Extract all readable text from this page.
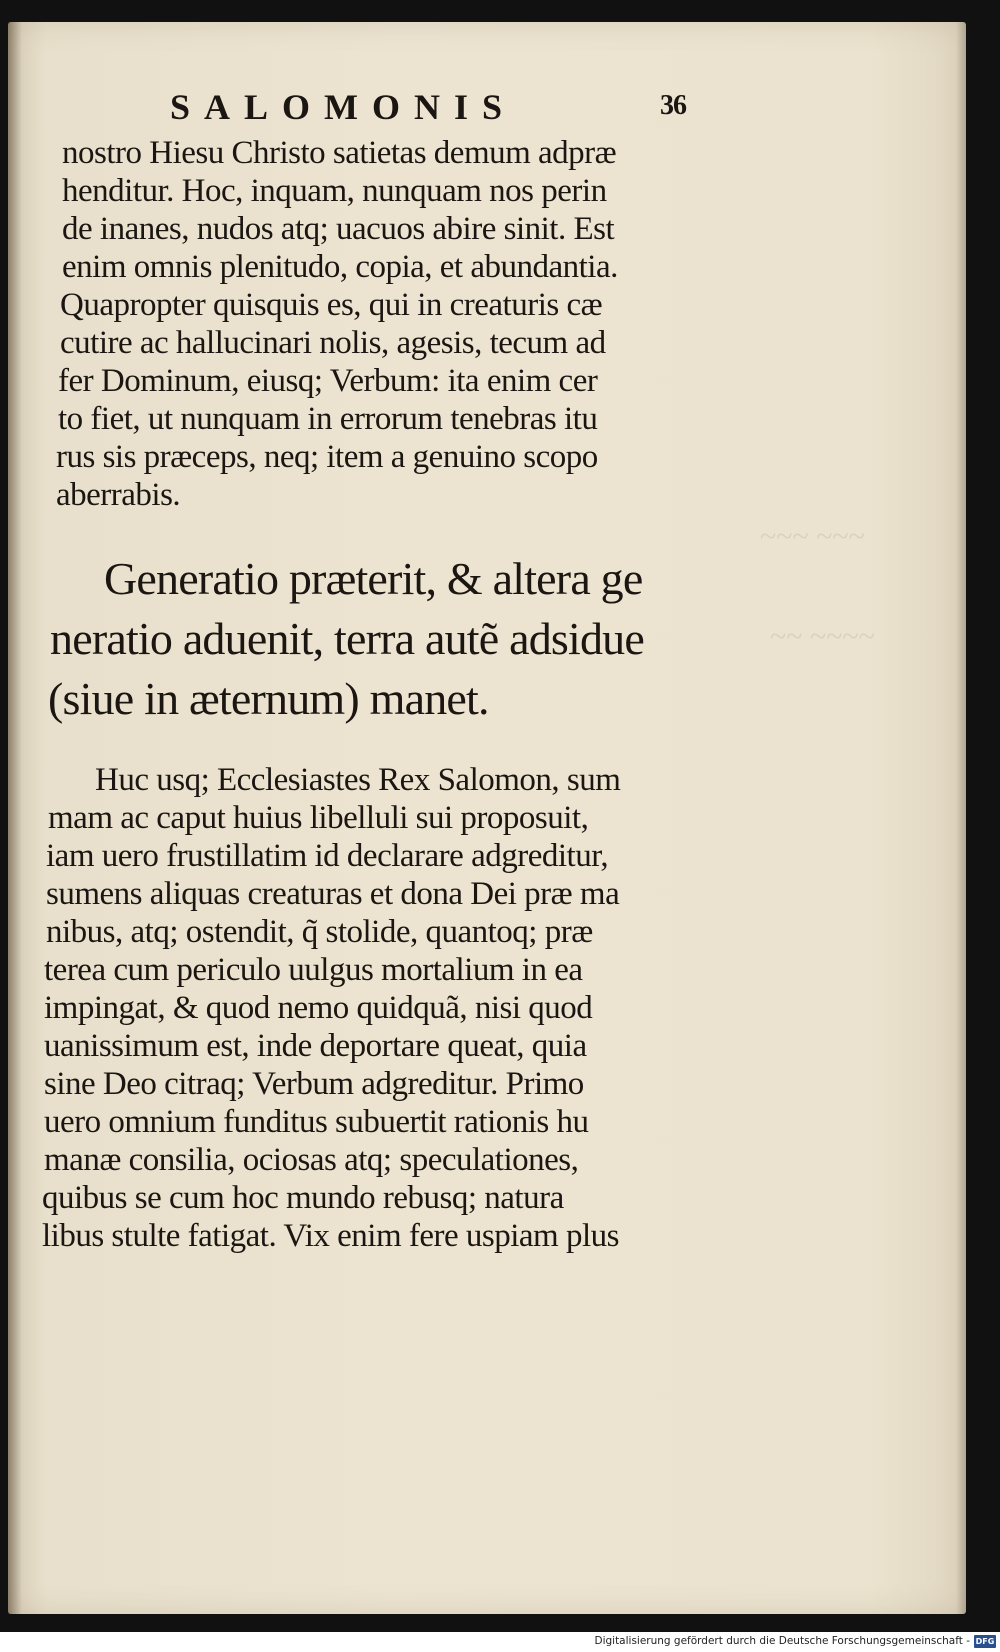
~~~ ~~~
~~ ~~~~
SALOMONIS	36
nostro Hiesu Christo satietas demum adpræ
henditur. Hoc, inquam, nunquam nos perin
de inanes, nudos atq; uacuos abire sinit. Est
enim omnis plenitudo, copia, et abundantia.
Quapropter quisquis es, qui in creaturis cæ
cutire ac hallucinari nolis, agesis, tecum ad
fer Dominum, eiusq; Verbum: ita enim cer
to fiet, ut nunquam in errorum tenebras itu
rus sis præceps, neq; item a genuino scopo
aberrabis.
Generatio præterit, & altera ge
neratio aduenit, terra autẽ adsidue
(siue in æternum) manet.
Huc usq; Ecclesiastes Rex Salomon, sum
mam ac caput huius libelluli sui proposuit,
iam uero frustillatim id declarare adgreditur,
sumens aliquas creaturas et dona Dei præ ma
nibus, atq; ostendit, q̃ stolide, quantoq; præ
terea cum periculo uulgus mortalium in ea
impingat, & quod nemo quidquã, nisi quod
uanissimum est, inde deportare queat, quia
sine Deo citraq; Verbum adgreditur. Primo
uero omnium funditus subuertit rationis hu
manæ consilia, ociosas atq; speculationes,
quibus se cum hoc mundo rebusq; natura
libus stulte fatigat. Vix enim fere uspiam plus
Digitalisierung gefördert durch die Deutsche Forschungsgemeinschaft - DFG
